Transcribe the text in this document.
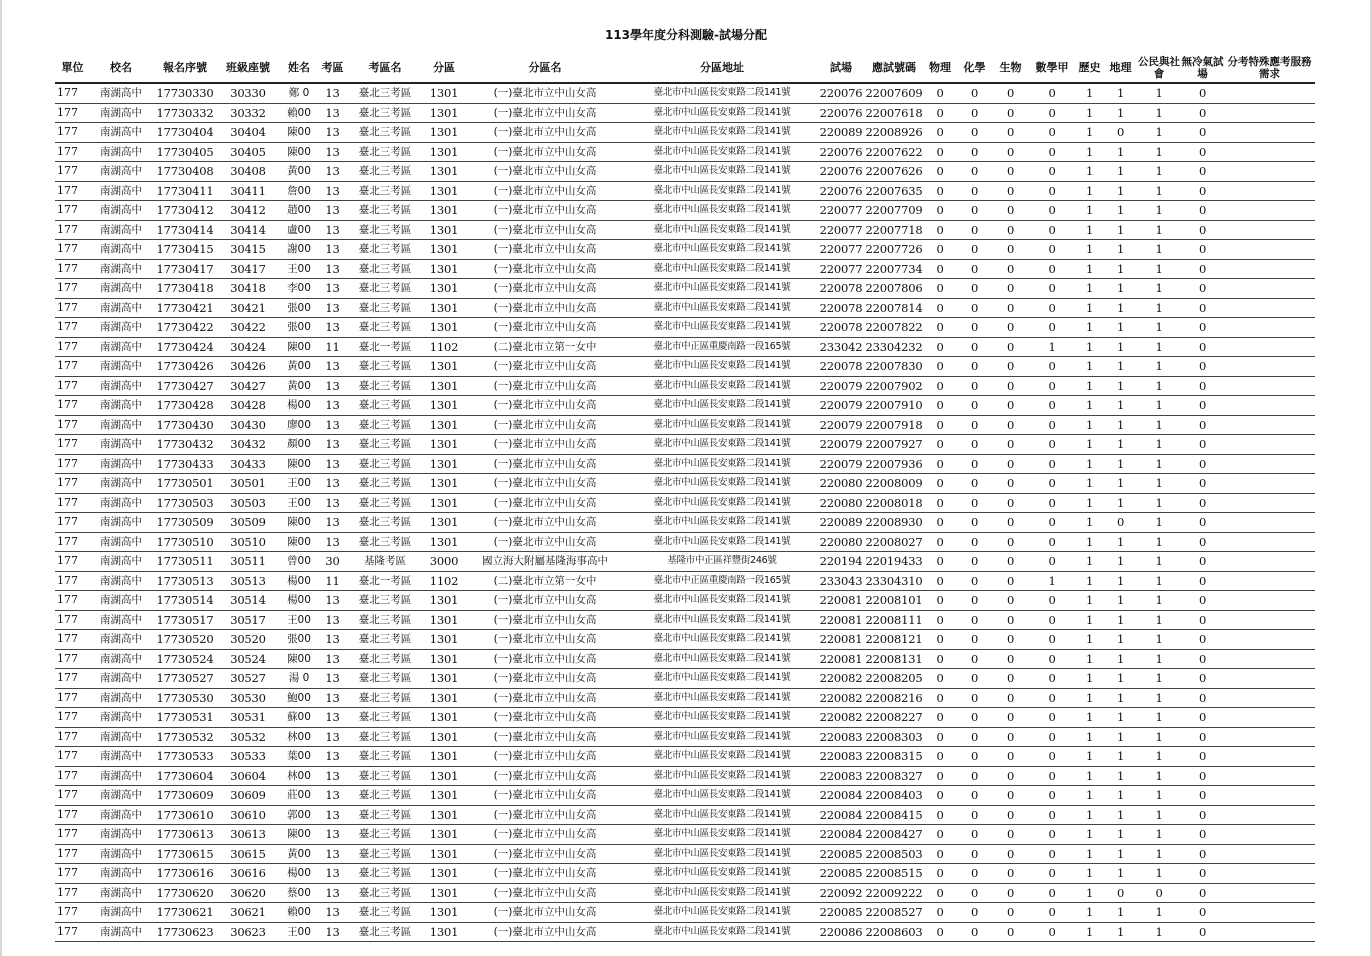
113學年度分科測驗-試場分配
單位	校名	報名序號	班級座號	姓名	考區	考區名	分區	分區名	分區地址	試場	應試號碼	物理	化學	生物	數學甲	歷史	地理	公民與社會	無冷氣試場	分考特殊應考服務需求
177	南湖高中	17730330	30330	鄭 0	13	臺北三考區	1301	(一)臺北市立中山女高	臺北市中山區長安東路二段141號	220076	22007609	0	0	0	0	1	1	1	0	
177	南湖高中	17730332	30332	賴00	13	臺北三考區	1301	(一)臺北市立中山女高	臺北市中山區長安東路二段141號	220076	22007618	0	0	0	0	1	1	1	0	
177	南湖高中	17730404	30404	陳00	13	臺北三考區	1301	(一)臺北市立中山女高	臺北市中山區長安東路二段141號	220089	22008926	0	0	0	0	1	0	1	0	
177	南湖高中	17730405	30405	陳00	13	臺北三考區	1301	(一)臺北市立中山女高	臺北市中山區長安東路二段141號	220076	22007622	0	0	0	0	1	1	1	0	
177	南湖高中	17730408	30408	黃00	13	臺北三考區	1301	(一)臺北市立中山女高	臺北市中山區長安東路二段141號	220076	22007626	0	0	0	0	1	1	1	0	
177	南湖高中	17730411	30411	詹00	13	臺北三考區	1301	(一)臺北市立中山女高	臺北市中山區長安東路二段141號	220076	22007635	0	0	0	0	1	1	1	0	
177	南湖高中	17730412	30412	趙00	13	臺北三考區	1301	(一)臺北市立中山女高	臺北市中山區長安東路二段141號	220077	22007709	0	0	0	0	1	1	1	0	
177	南湖高中	17730414	30414	盧00	13	臺北三考區	1301	(一)臺北市立中山女高	臺北市中山區長安東路二段141號	220077	22007718	0	0	0	0	1	1	1	0	
177	南湖高中	17730415	30415	謝00	13	臺北三考區	1301	(一)臺北市立中山女高	臺北市中山區長安東路二段141號	220077	22007726	0	0	0	0	1	1	1	0	
177	南湖高中	17730417	30417	王00	13	臺北三考區	1301	(一)臺北市立中山女高	臺北市中山區長安東路二段141號	220077	22007734	0	0	0	0	1	1	1	0	
177	南湖高中	17730418	30418	李00	13	臺北三考區	1301	(一)臺北市立中山女高	臺北市中山區長安東路二段141號	220078	22007806	0	0	0	0	1	1	1	0	
177	南湖高中	17730421	30421	張00	13	臺北三考區	1301	(一)臺北市立中山女高	臺北市中山區長安東路二段141號	220078	22007814	0	0	0	0	1	1	1	0	
177	南湖高中	17730422	30422	張00	13	臺北三考區	1301	(一)臺北市立中山女高	臺北市中山區長安東路二段141號	220078	22007822	0	0	0	0	1	1	1	0	
177	南湖高中	17730424	30424	陳00	11	臺北一考區	1102	(二)臺北市立第一女中	臺北市中正區重慶南路一段165號	233042	23304232	0	0	0	1	1	1	1	0	
177	南湖高中	17730426	30426	黃00	13	臺北三考區	1301	(一)臺北市立中山女高	臺北市中山區長安東路二段141號	220078	22007830	0	0	0	0	1	1	1	0	
177	南湖高中	17730427	30427	黃00	13	臺北三考區	1301	(一)臺北市立中山女高	臺北市中山區長安東路二段141號	220079	22007902	0	0	0	0	1	1	1	0	
177	南湖高中	17730428	30428	楊00	13	臺北三考區	1301	(一)臺北市立中山女高	臺北市中山區長安東路二段141號	220079	22007910	0	0	0	0	1	1	1	0	
177	南湖高中	17730430	30430	廖00	13	臺北三考區	1301	(一)臺北市立中山女高	臺北市中山區長安東路二段141號	220079	22007918	0	0	0	0	1	1	1	0	
177	南湖高中	17730432	30432	顏00	13	臺北三考區	1301	(一)臺北市立中山女高	臺北市中山區長安東路二段141號	220079	22007927	0	0	0	0	1	1	1	0	
177	南湖高中	17730433	30433	陳00	13	臺北三考區	1301	(一)臺北市立中山女高	臺北市中山區長安東路二段141號	220079	22007936	0	0	0	0	1	1	1	0	
177	南湖高中	17730501	30501	王00	13	臺北三考區	1301	(一)臺北市立中山女高	臺北市中山區長安東路二段141號	220080	22008009	0	0	0	0	1	1	1	0	
177	南湖高中	17730503	30503	王00	13	臺北三考區	1301	(一)臺北市立中山女高	臺北市中山區長安東路二段141號	220080	22008018	0	0	0	0	1	1	1	0	
177	南湖高中	17730509	30509	陳00	13	臺北三考區	1301	(一)臺北市立中山女高	臺北市中山區長安東路二段141號	220089	22008930	0	0	0	0	1	0	1	0	
177	南湖高中	17730510	30510	陳00	13	臺北三考區	1301	(一)臺北市立中山女高	臺北市中山區長安東路二段141號	220080	22008027	0	0	0	0	1	1	1	0	
177	南湖高中	17730511	30511	曾00	30	基隆考區	3000	國立海大附屬基隆海事高中	基隆市中正區祥豐街246號	220194	22019433	0	0	0	0	1	1	1	0	
177	南湖高中	17730513	30513	楊00	11	臺北一考區	1102	(二)臺北市立第一女中	臺北市中正區重慶南路一段165號	233043	23304310	0	0	0	1	1	1	1	0	
177	南湖高中	17730514	30514	楊00	13	臺北三考區	1301	(一)臺北市立中山女高	臺北市中山區長安東路二段141號	220081	22008101	0	0	0	0	1	1	1	0	
177	南湖高中	17730517	30517	王00	13	臺北三考區	1301	(一)臺北市立中山女高	臺北市中山區長安東路二段141號	220081	22008111	0	0	0	0	1	1	1	0	
177	南湖高中	17730520	30520	張00	13	臺北三考區	1301	(一)臺北市立中山女高	臺北市中山區長安東路二段141號	220081	22008121	0	0	0	0	1	1	1	0	
177	南湖高中	17730524	30524	陳00	13	臺北三考區	1301	(一)臺北市立中山女高	臺北市中山區長安東路二段141號	220081	22008131	0	0	0	0	1	1	1	0	
177	南湖高中	17730527	30527	湯 0	13	臺北三考區	1301	(一)臺北市立中山女高	臺北市中山區長安東路二段141號	220082	22008205	0	0	0	0	1	1	1	0	
177	南湖高中	17730530	30530	鮑00	13	臺北三考區	1301	(一)臺北市立中山女高	臺北市中山區長安東路二段141號	220082	22008216	0	0	0	0	1	1	1	0	
177	南湖高中	17730531	30531	蘇00	13	臺北三考區	1301	(一)臺北市立中山女高	臺北市中山區長安東路二段141號	220082	22008227	0	0	0	0	1	1	1	0	
177	南湖高中	17730532	30532	林00	13	臺北三考區	1301	(一)臺北市立中山女高	臺北市中山區長安東路二段141號	220083	22008303	0	0	0	0	1	1	1	0	
177	南湖高中	17730533	30533	葉00	13	臺北三考區	1301	(一)臺北市立中山女高	臺北市中山區長安東路二段141號	220083	22008315	0	0	0	0	1	1	1	0	
177	南湖高中	17730604	30604	林00	13	臺北三考區	1301	(一)臺北市立中山女高	臺北市中山區長安東路二段141號	220083	22008327	0	0	0	0	1	1	1	0	
177	南湖高中	17730609	30609	莊00	13	臺北三考區	1301	(一)臺北市立中山女高	臺北市中山區長安東路二段141號	220084	22008403	0	0	0	0	1	1	1	0	
177	南湖高中	17730610	30610	郭00	13	臺北三考區	1301	(一)臺北市立中山女高	臺北市中山區長安東路二段141號	220084	22008415	0	0	0	0	1	1	1	0	
177	南湖高中	17730613	30613	陳00	13	臺北三考區	1301	(一)臺北市立中山女高	臺北市中山區長安東路二段141號	220084	22008427	0	0	0	0	1	1	1	0	
177	南湖高中	17730615	30615	黃00	13	臺北三考區	1301	(一)臺北市立中山女高	臺北市中山區長安東路二段141號	220085	22008503	0	0	0	0	1	1	1	0	
177	南湖高中	17730616	30616	楊00	13	臺北三考區	1301	(一)臺北市立中山女高	臺北市中山區長安東路二段141號	220085	22008515	0	0	0	0	1	1	1	0	
177	南湖高中	17730620	30620	蔡00	13	臺北三考區	1301	(一)臺北市立中山女高	臺北市中山區長安東路二段141號	220092	22009222	0	0	0	0	1	0	0	0	
177	南湖高中	17730621	30621	賴00	13	臺北三考區	1301	(一)臺北市立中山女高	臺北市中山區長安東路二段141號	220085	22008527	0	0	0	0	1	1	1	0	
177	南湖高中	17730623	30623	王00	13	臺北三考區	1301	(一)臺北市立中山女高	臺北市中山區長安東路二段141號	220086	22008603	0	0	0	0	1	1	1	0	
